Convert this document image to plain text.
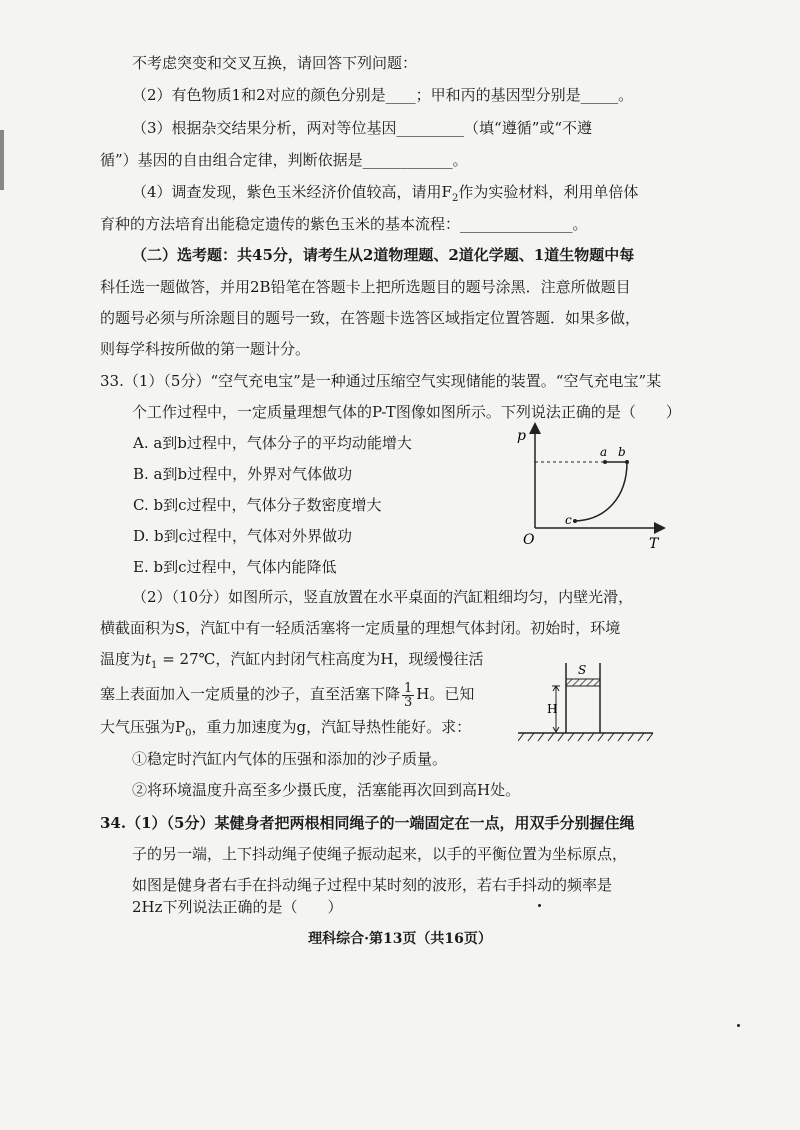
不考虑突变和交叉互换，请回答下列问题：
（2）有色物质1和2对应的颜色分别是____；甲和丙的基因型分别是_____。
（3）根据杂交结果分析，两对等位基因_________（填“遵循”或“不遵
循”）基因的自由组合定律，判断依据是____________。
（4）调查发现，紫色玉米经济价值较高，请用$F_2$作为实验材料，利用单倍体
育种的方法培育出能稳定遗传的紫色玉米的基本流程：_______________。
（二）选考题：共45分，请考生从2道物理题、2道化学题、1道生物题中每
科任选一题做答，并用2B铅笔在答题卡上把所选题目的题号涂黑．注意所做题目
的题号必须与所涂题目的题号一致，在答题卡选答区域指定位置答题．如果多做，
则每学科按所做的第一题计分。
33.（1）（5分）“空气充电宝”是一种通过压缩空气实现储能的装置。“空气充电宝”某
个工作过程中，一定质量理想气体的P-T图像如图所示。下列说法正确的是（　　）
A. a到b过程中，气体分子的平均动能增大
B. a到b过程中，外界对气体做功
C. b到c过程中，气体分子数密度增大
D. b到c过程中，气体对外界做功
E. b到c过程中，气体内能降低
p
T
O
a b
c
（2）（10分）如图所示，竖直放置在水平桌面的汽缸粗细均匀，内壁光滑，
横截面积为S，汽缸中有一轻质活塞将一定质量的理想气体封闭。初始时，环境
温度为$t_1$ = 27℃，汽缸内封闭气柱高度为H，现缓慢往活
塞上表面加入一定质量的沙子，直至活塞下降 $\frac{1}{3}$ H。已知
大气压强为$P_0$，重力加速度为g，汽缸导热性能好。求：
①稳定时汽缸内气体的压强和添加的沙子质量。
②将环境温度升高至多少摄氏度，活塞能再次回到高H处。
H
S
34.（1）（5分）某健身者把两根相同绳子的一端固定在一点，用双手分别握住绳
子的另一端，上下抖动绳子使绳子振动起来，以手的平衡位置为坐标原点，
如图是健身者右手在抖动绳子过程中某时刻的波形，若右手抖动的频率是
2Hz下列说法正确的是（　　）
理科综合·第13页（共16页）
